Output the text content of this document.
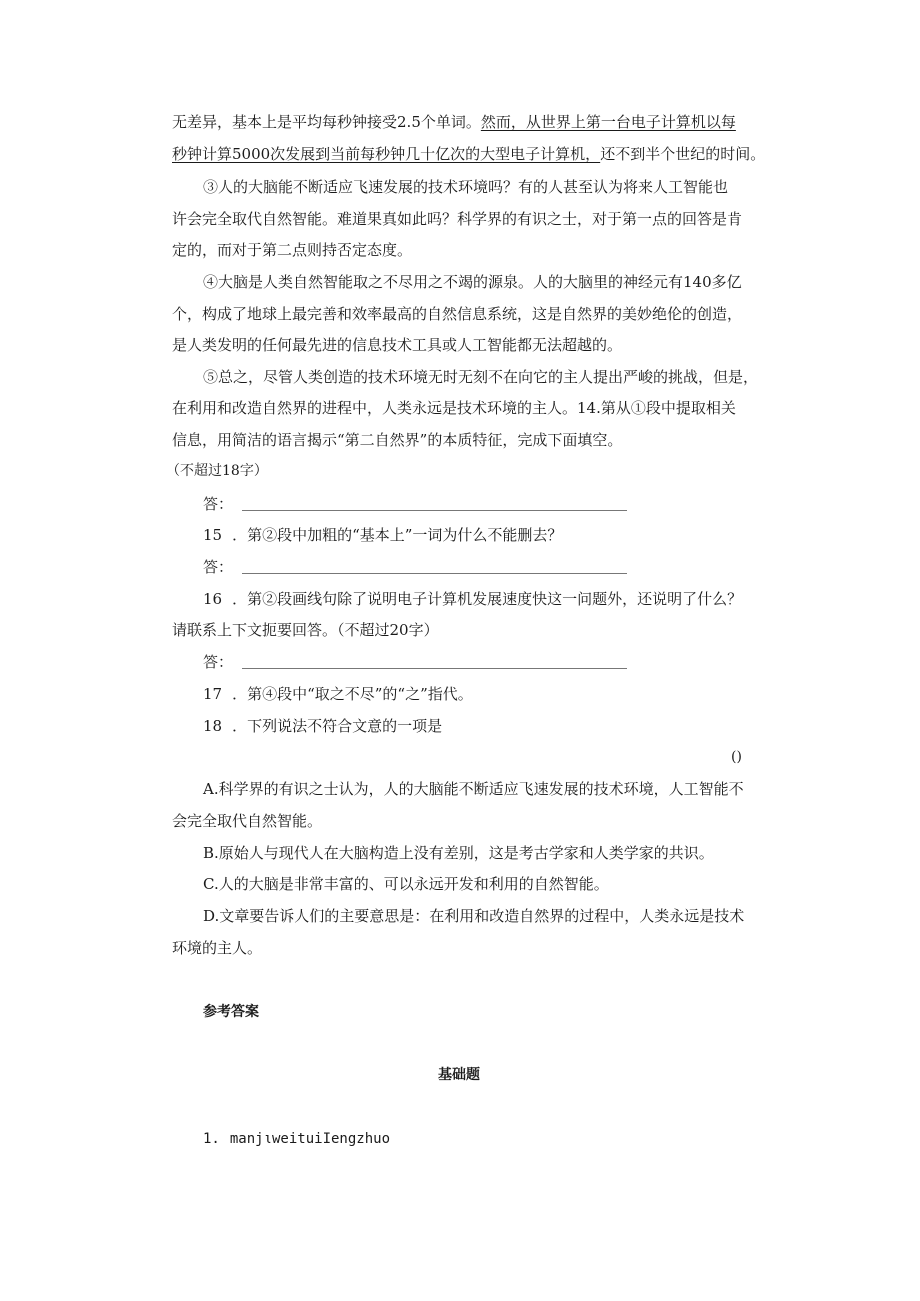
无差异，基本上是平均每秒钟接受2.5个单词。然而，从世界上第一台电子计算机以每
秒钟计算5000次发展到当前每秒钟几十亿次的大型电子计算机，还不到半个世纪的时间。
③人的大脑能不断适应飞速发展的技术环境吗？有的人甚至认为将来人工智能也
许会完全取代自然智能。难道果真如此吗？科学界的有识之士，对于第一点的回答是肯
定的，而对于第二点则持否定态度。
④大脑是人类自然智能取之不尽用之不竭的源泉。人的大脑里的神经元有140多亿
个，构成了地球上最完善和效率最高的自然信息系统，这是自然界的美妙绝伦的创造，
是人类发明的任何最先进的信息技术工具或人工智能都无法超越的。
⑤总之，尽管人类创造的技术环境无时无刻不在向它的主人提出严峻的挑战，但是，
在利用和改造自然界的进程中，人类永远是技术环境的主人。14.第从①段中提取相关
信息，用简洁的语言揭示“第二自然界”的本质特征，完成下面填空。
（不超过18字）
答：
15 ．第②段中加粗的“基本上”一词为什么不能删去？
答：
16 ．第②段画线句除了说明电子计算机发展速度快这一问题外，还说明了什么？
请联系上下文扼要回答。（不超过20字）
答：
17 ．第④段中“取之不尽”的“之”指代。
18 ．下列说法不符合文意的一项是
()
A.科学界的有识之士认为，人的大脑能不断适应飞速发展的技术环境，人工智能不
会完全取代自然智能。
B.原始人与现代人在大脑构造上没有差别，这是考古学家和人类学家的共识。
C.人的大脑是非常丰富的、可以永远开发和利用的自然智能。
D.文章要告诉人们的主要意思是：在利用和改造自然界的过程中，人类永远是技术
环境的主人。
参考答案
基础题
1. manjιweituiIengzhuo
